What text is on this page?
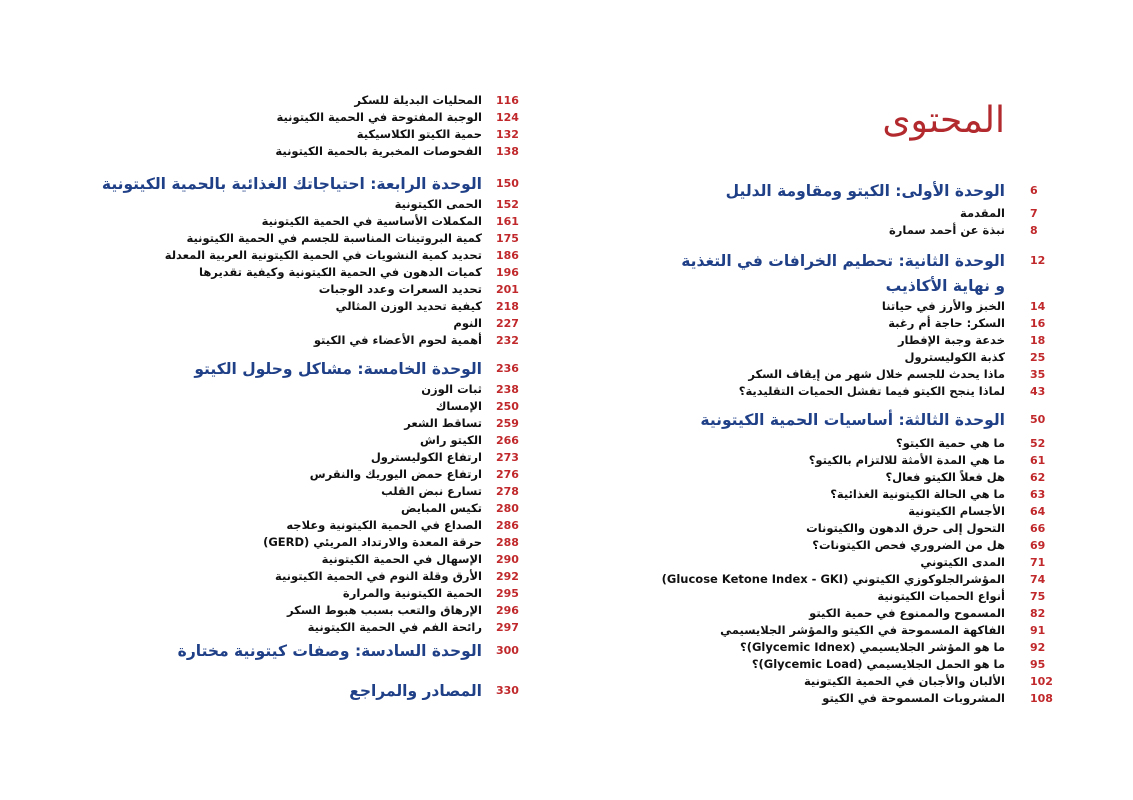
المحتوى
المحليات البديلة للسكر 116
الوجبة المفتوحة في الحمية الكيتونية 124
حمية الكيتو الكلاسيكية 132
الفحوصات المخبرية بالحمية الكيتونية 138
الوحدة الرابعة: احتياجاتك الغذائية بالحمية الكيتونية 150
الحمى الكيتونية 152
المكملات الأساسية في الحمية الكيتونية 161
كمية البروتينات المناسبة للجسم في الحمية الكيتونية 175
تحديد كمية النشويات في الحمية الكيتونية العربية المعدلة 186
كميات الدهون في الحمية الكيتونية وكيفية تقديرها 196
تحديد السعرات وعدد الوجبات 201
كيفية تحديد الوزن المثالي 218
النوم 227
أهمية لحوم الأعضاء في الكيتو 232
الوحدة الخامسة: مشاكل وحلول الكيتو 236
ثبات الوزن 238
الإمساك 250
تساقط الشعر 259
الكيتو راش 266
ارتفاع الكوليسترول 273
ارتفاع حمض اليوريك والنقرس 276
تسارع نبض القلب 278
تكيس المبايض 280
الصداع في الحمية الكيتونية وعلاجه 286
حرقة المعدة والارتداد المريئي (GERD) 288
الإسهال في الحمية الكيتونية 290
الأرق وقلة النوم في الحمية الكيتونية 292
الحمية الكيتونية والمرارة 295
الإرهاق والتعب بسبب هبوط السكر 296
رائحة الفم في الحمية الكيتونية 297
الوحدة السادسة: وصفات كيتونية مختارة 300
المصادر والمراجع 330
الوحدة الأولى: الكيتو ومقاومة الدليل 6
المقدمة 7
نبذة عن أحمد سمارة 8
الوحدة الثانية: تحطيم الخرافات في التغذية 12
و نهاية الأكاذيب
الخبز والأرز في حياتنا 14
السكر: حاجة أم رغبة 16
خدعة وجبة الإفطار 18
كذبة الكوليسترول 25
ماذا يحدث للجسم خلال شهر من إيقاف السكر 35
لماذا ينجح الكيتو فيما تفشل الحميات التقليدية؟ 43
الوحدة الثالثة: أساسيات الحمية الكيتونية 50
ما هي حمية الكيتو؟ 52
ما هي المدة الأمثة للالتزام بالكيتو؟ 61
هل فعلاً الكيتو فعال؟ 62
ما هي الحالة الكيتونية الغذائية؟ 63
الأجسام الكيتونية 64
التحول إلى حرق الدهون والكيتونات 66
هل من الضروري فحص الكيتونات؟ 69
المدى الكيتوني 71
المؤشرالجلوكوزي الكيتوني (Glucose Ketone Index - GKI) 74
أنواع الحميات الكيتونية 75
المسموح والممنوع في حمية الكيتو 82
الفاكهة المسموحة في الكيتو والمؤشر الجلايسيمي 91
ما هو المؤشر الجلايسيمي (Glycemic Idnex)؟ 92
ما هو الحمل الجلايسيمي (Glycemic Load)؟ 95
الألبان والأجبان في الحمية الكيتونية 102
المشروبات المسموحة في الكيتو 108
